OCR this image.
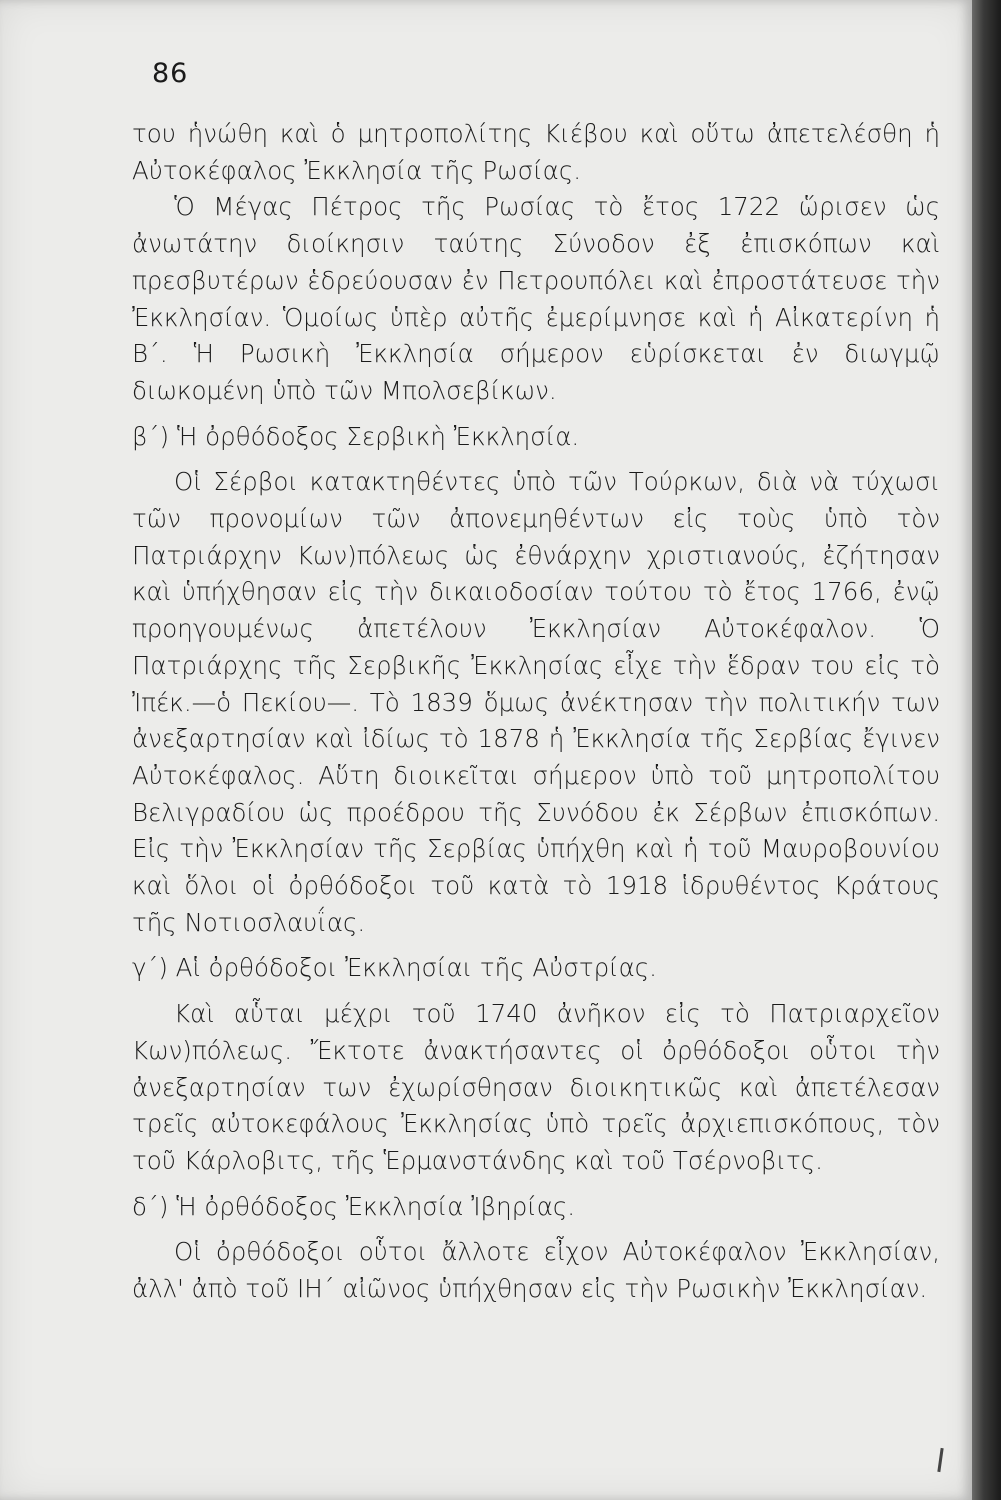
86

του ἡνώθη καὶ ὁ μητροπολίτης Κιέβου καὶ οὕτω ἀπετελέσθη ἡ Αὐτοκέφαλος Ἐκκλησία τῆς Ρωσίας.

Ὁ Μέγας Πέτρος τῆς Ρωσίας τὸ ἔτος 1722 ὥρισεν ὡς ἀνωτάτην διοίκησιν ταύτης Σύνοδον ἐξ ἐπισκόπων καὶ πρεσβυτέρων ἑδρεύουσαν ἐν Πετρουπόλει καὶ ἐπροστάτευσε τὴν Ἐκκλησίαν. Ὁμοίως ὑπὲρ αὐτῆς ἐμερίμνησε καὶ ἡ Αἰκατερίνη ἡ Β΄. Ἡ Ρωσικὴ Ἐκκλησία σήμερον εὑρίσκεται ἐν διωγμῷ διωκομένη ὑπὸ τῶν Μπολσεβίκων.

β΄) Ἡ ὀρθόδοξος Σερβικὴ Ἐκκλησία.

Οἱ Σέρβοι κατακτηθέντες ὑπὸ τῶν Τούρκων, διὰ νὰ τύχωσι τῶν προνομίων τῶν ἀπονεμηθέντων εἰς τοὺς ὑπὸ τὸν Πατριάρχην Κων)πόλεως ὡς ἐθνάρχην χριστιανούς, ἐζήτησαν καὶ ὑπήχθησαν εἰς τὴν δικαιοδοσίαν τούτου τὸ ἔτος 1766, ἐνῷ προηγουμένως ἀπετέλουν Ἐκκλησίαν Αὐτοκέφαλον. Ὁ Πατριάρχης τῆς Σερβικῆς Ἐκκλησίας εἶχε τὴν ἕδραν του εἰς τὸ Ἰπέκ.—ὁ Πεκίου—. Τὸ 1839 ὅμως ἀνέκτησαν τὴν πολιτικήν των ἀνεξαρτησίαν καὶ ἰδίως τὸ 1878 ἡ Ἐκκλησία τῆς Σερβίας ἔγινεν Αὐτοκέφαλος. Αὕτη διοικεῖται σήμερον ὑπὸ τοῦ μητροπολίτου Βελιγραδίου ὡς προέδρου τῆς Συνόδου ἐκ Σέρβων ἐπισκόπων. Εἰς τὴν Ἐκκλησίαν τῆς Σερβίας ὑπήχθη καὶ ἡ τοῦ Μαυροβουνίου καὶ ὅλοι οἱ ὀρθόδοξοι τοῦ κατὰ τὸ 1918 ἱδρυθέντος Κράτους τῆς Νοτιοσλαυΐας.

γ΄) Αἱ ὀρθόδοξοι Ἐκκλησίαι τῆς Αὐστρίας.

Καὶ αὗται μέχρι τοῦ 1740 ἀνῆκον εἰς τὸ Πατριαρχεῖον Κων)πόλεως. Ἔκτοτε ἀνακτήσαντες οἱ ὀρθόδοξοι οὗτοι τὴν ἀνεξαρτησίαν των ἐχωρίσθησαν διοικητικῶς καὶ ἀπετέλεσαν τρεῖς αὐτοκεφάλους Ἐκκλησίας ὑπὸ τρεῖς ἀρχιεπισκόπους, τὸν τοῦ Κάρλοβιτς, τῆς Ἑρμανστάνδης καὶ τοῦ Τσέρνοβιτς.

δ΄) Ἡ ὀρθόδοξος Ἐκκλησία Ἰβηρίας.

Οἱ ὀρθόδοξοι οὗτοι ἄλλοτε εἶχον Αὐτοκέφαλον Ἐκκλησίαν, ἀλλ' ἀπὸ τοῦ ΙΗ΄ αἰῶνος ὑπήχθησαν εἰς τὴν Ρωσικὴν Ἐκκλησίαν.
